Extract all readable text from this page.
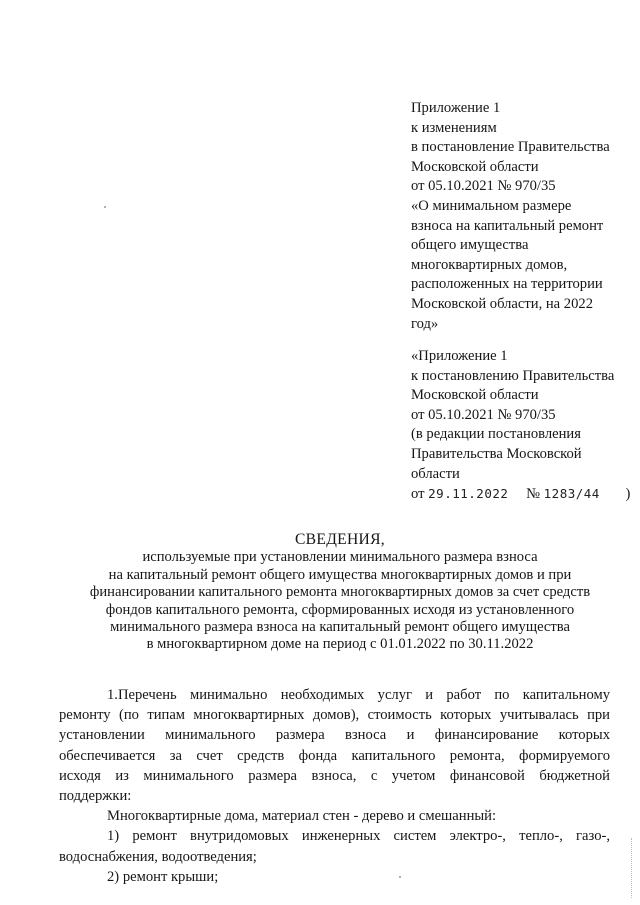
Приложение 1
к изменениям
в постановление Правительства
Московской области
от 05.10.2021 № 970/35
«О минимальном размере
взноса на капитальный ремонт
общего имущества
многоквартирных домов,
расположенных на территории
Московской области, на 2022
год»
«Приложение 1
к постановлению Правительства
Московской области
от 05.10.2021 № 970/35
(в редакции постановления
Правительства Московской
области
от 29.11.2022 № 1283/44 )
СВЕДЕНИЯ,
используемые при установлении минимального размера взноса
на капитальный ремонт общего имущества многоквартирных домов и при
финансировании капитального ремонта многоквартирных домов за счет средств
фондов капитального ремонта, сформированных исходя из установленного
минимального размера взноса на капитальный ремонт общего имущества
в многоквартирном доме на период с 01.01.2022 по 30.11.2022
1.Перечень минимально необходимых услуг и работ по капитальному
ремонту (по типам многоквартирных домов), стоимость которых учитывалась при
установлении минимального размера взноса и финансирование которых
обеспечивается за счет средств фонда капитального ремонта, формируемого
исходя из минимального размера взноса, с учетом финансовой бюджетной
поддержки:
Многоквартирные дома, материал стен - дерево и смешанный:
1) ремонт внутридомовых инженерных систем электро-, тепло-, газо-,
водоснабжения, водоотведения;
2) ремонт крыши;
